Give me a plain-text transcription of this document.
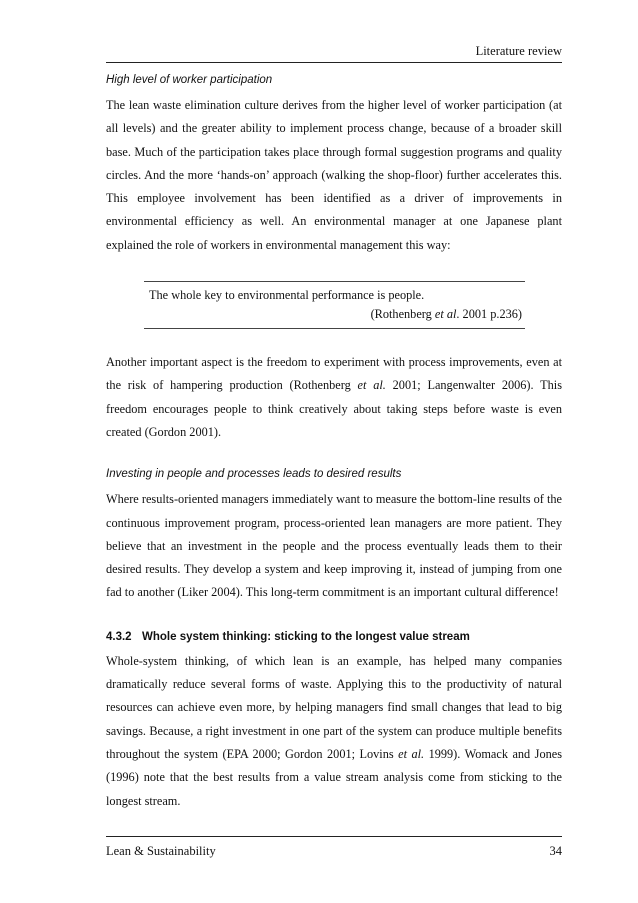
Literature review

High level of worker participation

The lean waste elimination culture derives from the higher level of worker participation (at all levels) and the greater ability to implement process change, because of a broader skill base. Much of the participation takes place through formal suggestion programs and quality circles. And the more ‘hands-on’ approach (walking the shop-floor) further accelerates this. This employee involvement has been identified as a driver of improvements in environmental efficiency as well. An environmental manager at one Japanese plant explained the role of workers in environmental management this way:

The whole key to environmental performance is people.
(Rothenberg et al. 2001 p.236)

Another important aspect is the freedom to experiment with process improvements, even at the risk of hampering production (Rothenberg et al. 2001; Langenwalter 2006). This freedom encourages people to think creatively about taking steps before waste is even created (Gordon 2001).

Investing in people and processes leads to desired results

Where results-oriented managers immediately want to measure the bottom-line results of the continuous improvement program, process-oriented lean managers are more patient. They believe that an investment in the people and the process eventually leads them to their desired results. They develop a system and keep improving it, instead of jumping from one fad to another (Liker 2004). This long-term commitment is an important cultural difference!

4.3.2 Whole system thinking: sticking to the longest value stream

Whole-system thinking, of which lean is an example, has helped many companies dramatically reduce several forms of waste. Applying this to the productivity of natural resources can achieve even more, by helping managers find small changes that lead to big savings. Because, a right investment in one part of the system can produce multiple benefits throughout the system (EPA 2000; Gordon 2001; Lovins et al. 1999). Womack and Jones (1996) note that the best results from a value stream analysis come from sticking to the longest stream.

Lean & Sustainability	34
